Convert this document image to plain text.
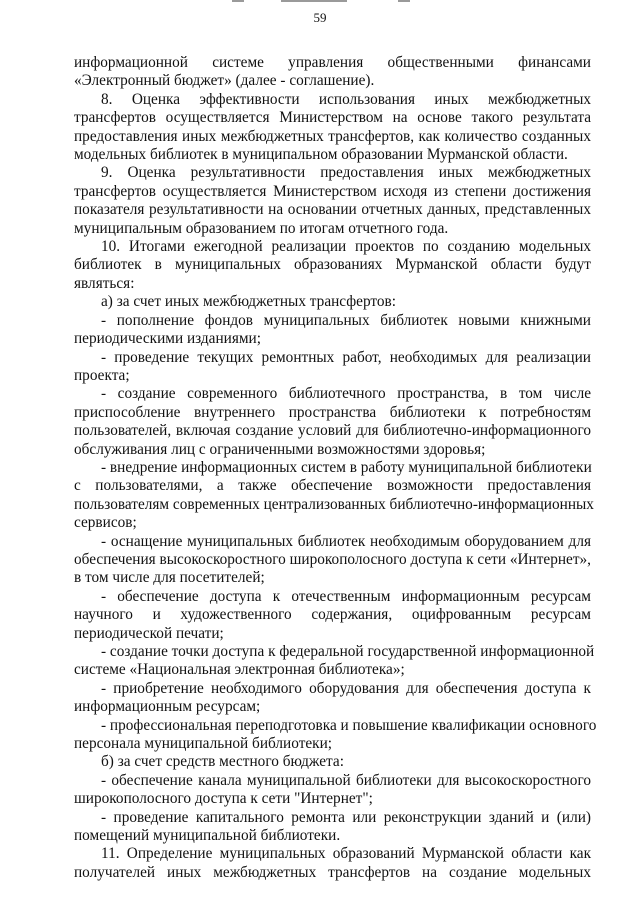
59
информационной системе управления общественными финансами
«Электронный бюджет» (далее - соглашение).
8. Оценка эффективности использования иных межбюджетных
трансфертов осуществляется Министерством на основе такого результата
предоставления иных межбюджетных трансфертов, как количество созданных
модельных библиотек в муниципальном образовании Мурманской области.
9. Оценка результативности предоставления иных межбюджетных
трансфертов осуществляется Министерством исходя из степени достижения
показателя результативности на основании отчетных данных, представленных
муниципальным образованием по итогам отчетного года.
10. Итогами ежегодной реализации проектов по созданию модельных
библиотек в муниципальных образованиях Мурманской области будут
являться:
а) за счет иных межбюджетных трансфертов:
- пополнение фондов муниципальных библиотек новыми книжными
периодическими изданиями;
- проведение текущих ремонтных работ, необходимых для реализации
проекта;
- создание современного библиотечного пространства, в том числе
приспособление внутреннего пространства библиотеки к потребностям
пользователей, включая создание условий для библиотечно-информационного
обслуживания лиц с ограниченными возможностями здоровья;
- внедрение информационных систем в работу муниципальной библиотеки
с пользователями, а также обеспечение возможности предоставления
пользователям современных централизованных библиотечно-информационных
сервисов;
- оснащение муниципальных библиотек необходимым оборудованием для
обеспечения высокоскоростного широкополосного доступа к сети «Интернет»,
в том числе для посетителей;
- обеспечение доступа к отечественным информационным ресурсам
научного и художественного содержания, оцифрованным ресурсам
периодической печати;
- создание точки доступа к федеральной государственной информационной
системе «Национальная электронная библиотека»;
- приобретение необходимого оборудования для обеспечения доступа к
информационным ресурсам;
- профессиональная переподготовка и повышение квалификации основного
персонала муниципальной библиотеки;
б) за счет средств местного бюджета:
- обеспечение канала муниципальной библиотеки для высокоскоростного
широкополосного доступа к сети "Интернет";
- проведение капитального ремонта или реконструкции зданий и (или)
помещений муниципальной библиотеки.
11. Определение муниципальных образований Мурманской области как
получателей иных межбюджетных трансфертов на создание модельных
